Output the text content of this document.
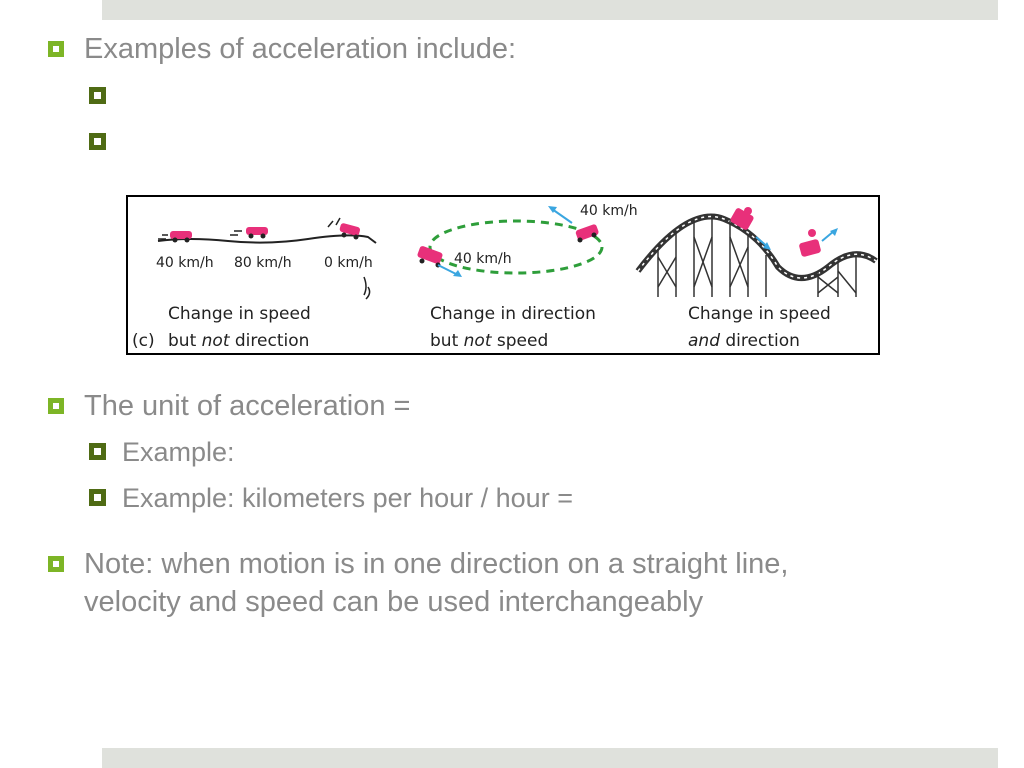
Examples of acceleration include:
40 km/h 80 km/h 0 km/h
Change in speed
(c) but not direction
40 km/h
40 km/h
Change in direction
but not speed
Change in speed
and direction
The unit of acceleration =
Example:
Example: kilometers per hour / hour =
Note: when motion is in one direction on a straight line,
velocity and speed can be used interchangeably
